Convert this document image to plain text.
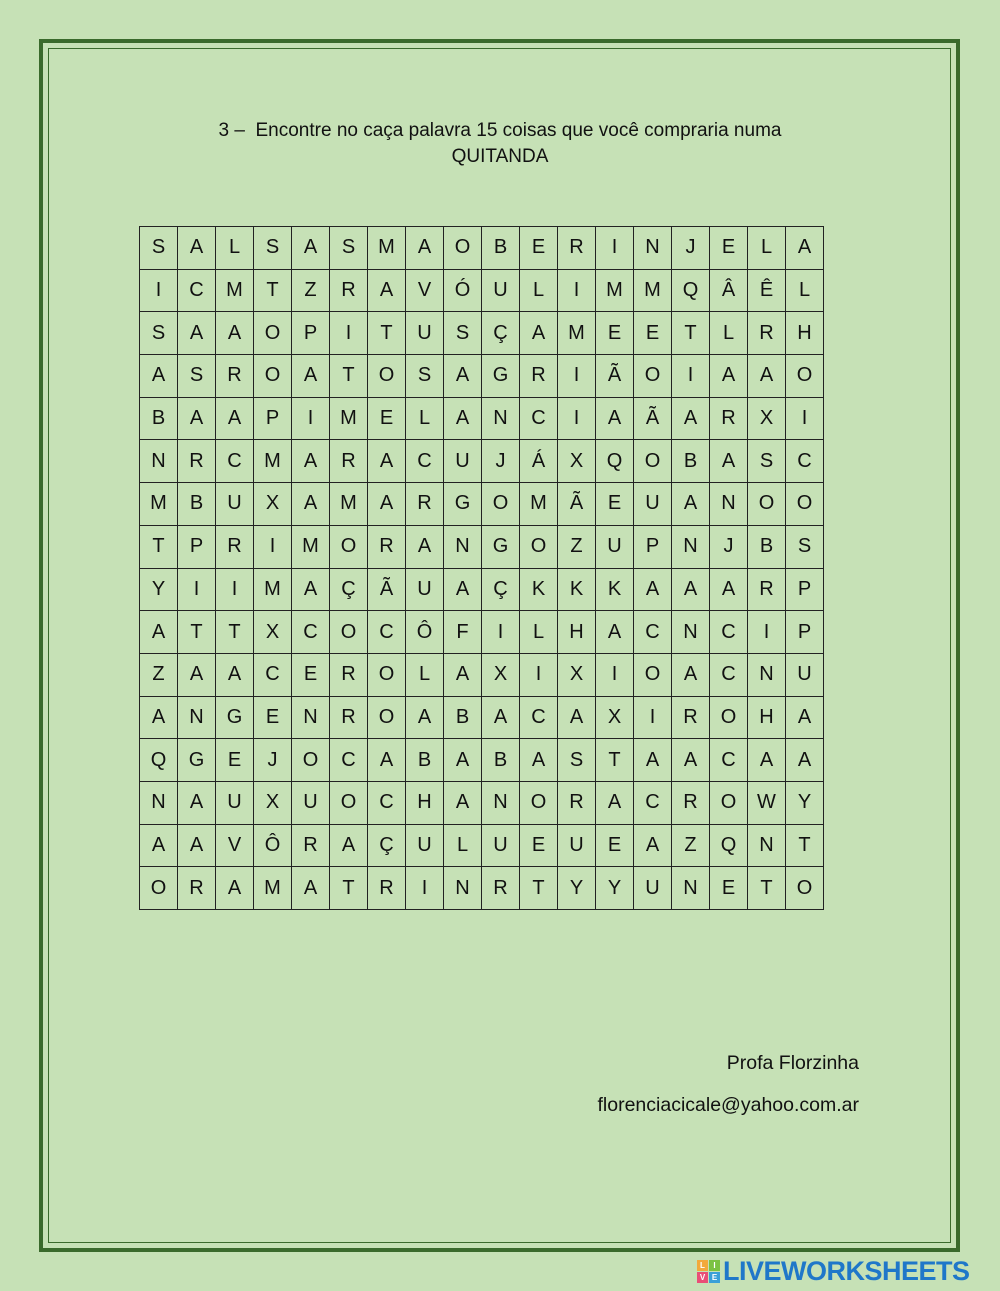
3 –  Encontre no caça palavra 15 coisas que você compraria numa
QUITANDA
S	A	L	S	A	S	M	A	O	B	E	R	I	N	J	E	L	A
I	C	M	T	Z	R	A	V	Ó	U	L	I	M	M	Q	Â	Ê	L
S	A	A	O	P	I	T	U	S	Ç	A	M	E	E	T	L	R	H
A	S	R	O	A	T	O	S	A	G	R	I	Ã	O	I	A	A	O
B	A	A	P	I	M	E	L	A	N	C	I	A	Ã	A	R	X	I
N	R	C	M	A	R	A	C	U	J	Á	X	Q	O	B	A	S	C
M	B	U	X	A	M	A	R	G	O	M	Ã	E	U	A	N	O	O
T	P	R	I	M	O	R	A	N	G	O	Z	U	P	N	J	B	S
Y	I	I	M	A	Ç	Ã	U	A	Ç	K	K	K	A	A	A	R	P
A	T	T	X	C	O	C	Ô	F	I	L	H	A	C	N	C	I	P
Z	A	A	C	E	R	O	L	A	X	I	X	I	O	A	C	N	U
A	N	G	E	N	R	O	A	B	A	C	A	X	I	R	O	H	A
Q	G	E	J	O	C	A	B	A	B	A	S	T	A	A	C	A	A
N	A	U	X	U	O	C	H	A	N	O	R	A	C	R	O	W	Y
A	A	V	Ô	R	A	Ç	U	L	U	E	U	E	A	Z	Q	N	T
O	R	A	M	A	T	R	I	N	R	T	Y	Y	U	N	E	T	O
Profa Florzinha
florenciacicale@yahoo.com.ar
L	I
V E LIVEWORKSHEETS
